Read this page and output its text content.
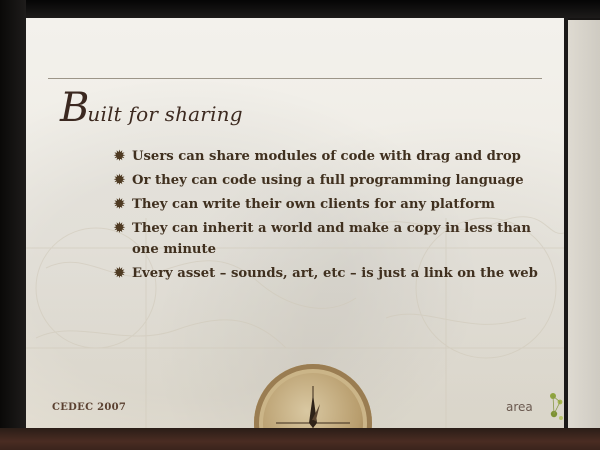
B
uilt for sharing
✹ Users can share modules of code with drag and drop
✹ Or they can code using a full programming language
✹ They can write their own clients for any platform
✹ They can inherit a world and make a copy in less than one minute
✹ Every asset – sounds, art, etc – is just a link on the web
CEDEC 2007	area
